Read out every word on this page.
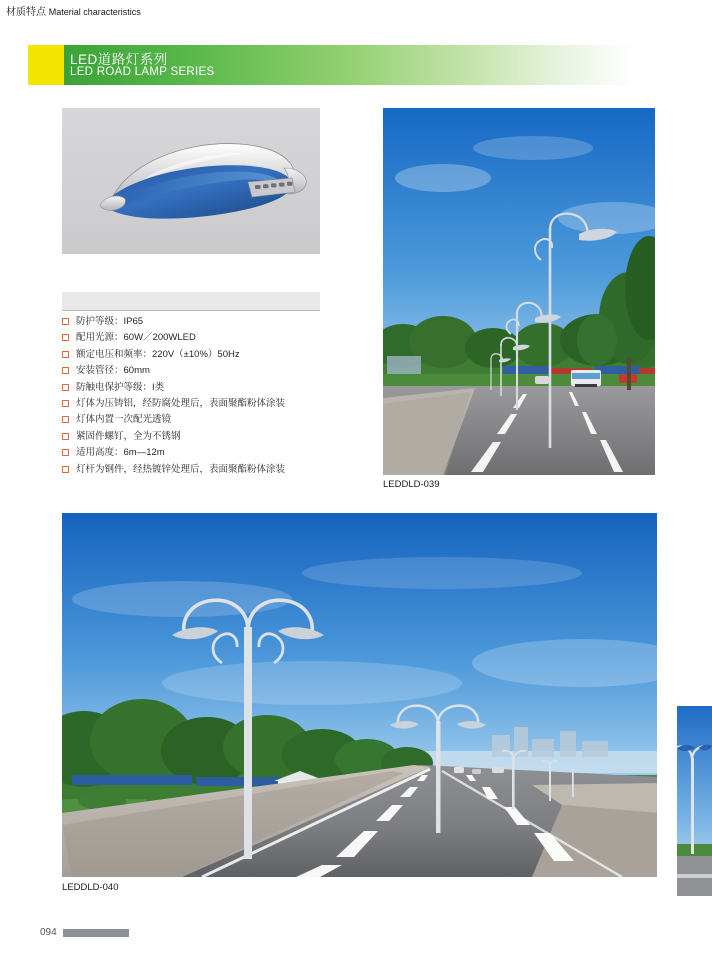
LED道路灯系列
LED ROAD LAMP SERIES
材质特点 Material characteristics
防护等级：IP65
配用光源：60W／200WLED
额定电压和频率：220V（±10%）50Hz
安装管径：60mm
防触电保护等级：I类
灯体为压铸铝，经防腐处理后，表面聚酯粉体涂装
灯体内置一次配光透镜
紧固件螺钉，全为不锈钢
适用高度：6m—12m
灯杆为钢件，经热镀锌处理后，表面聚酯粉体涂装
LEDDLD-039
LEDDLD-040
094
